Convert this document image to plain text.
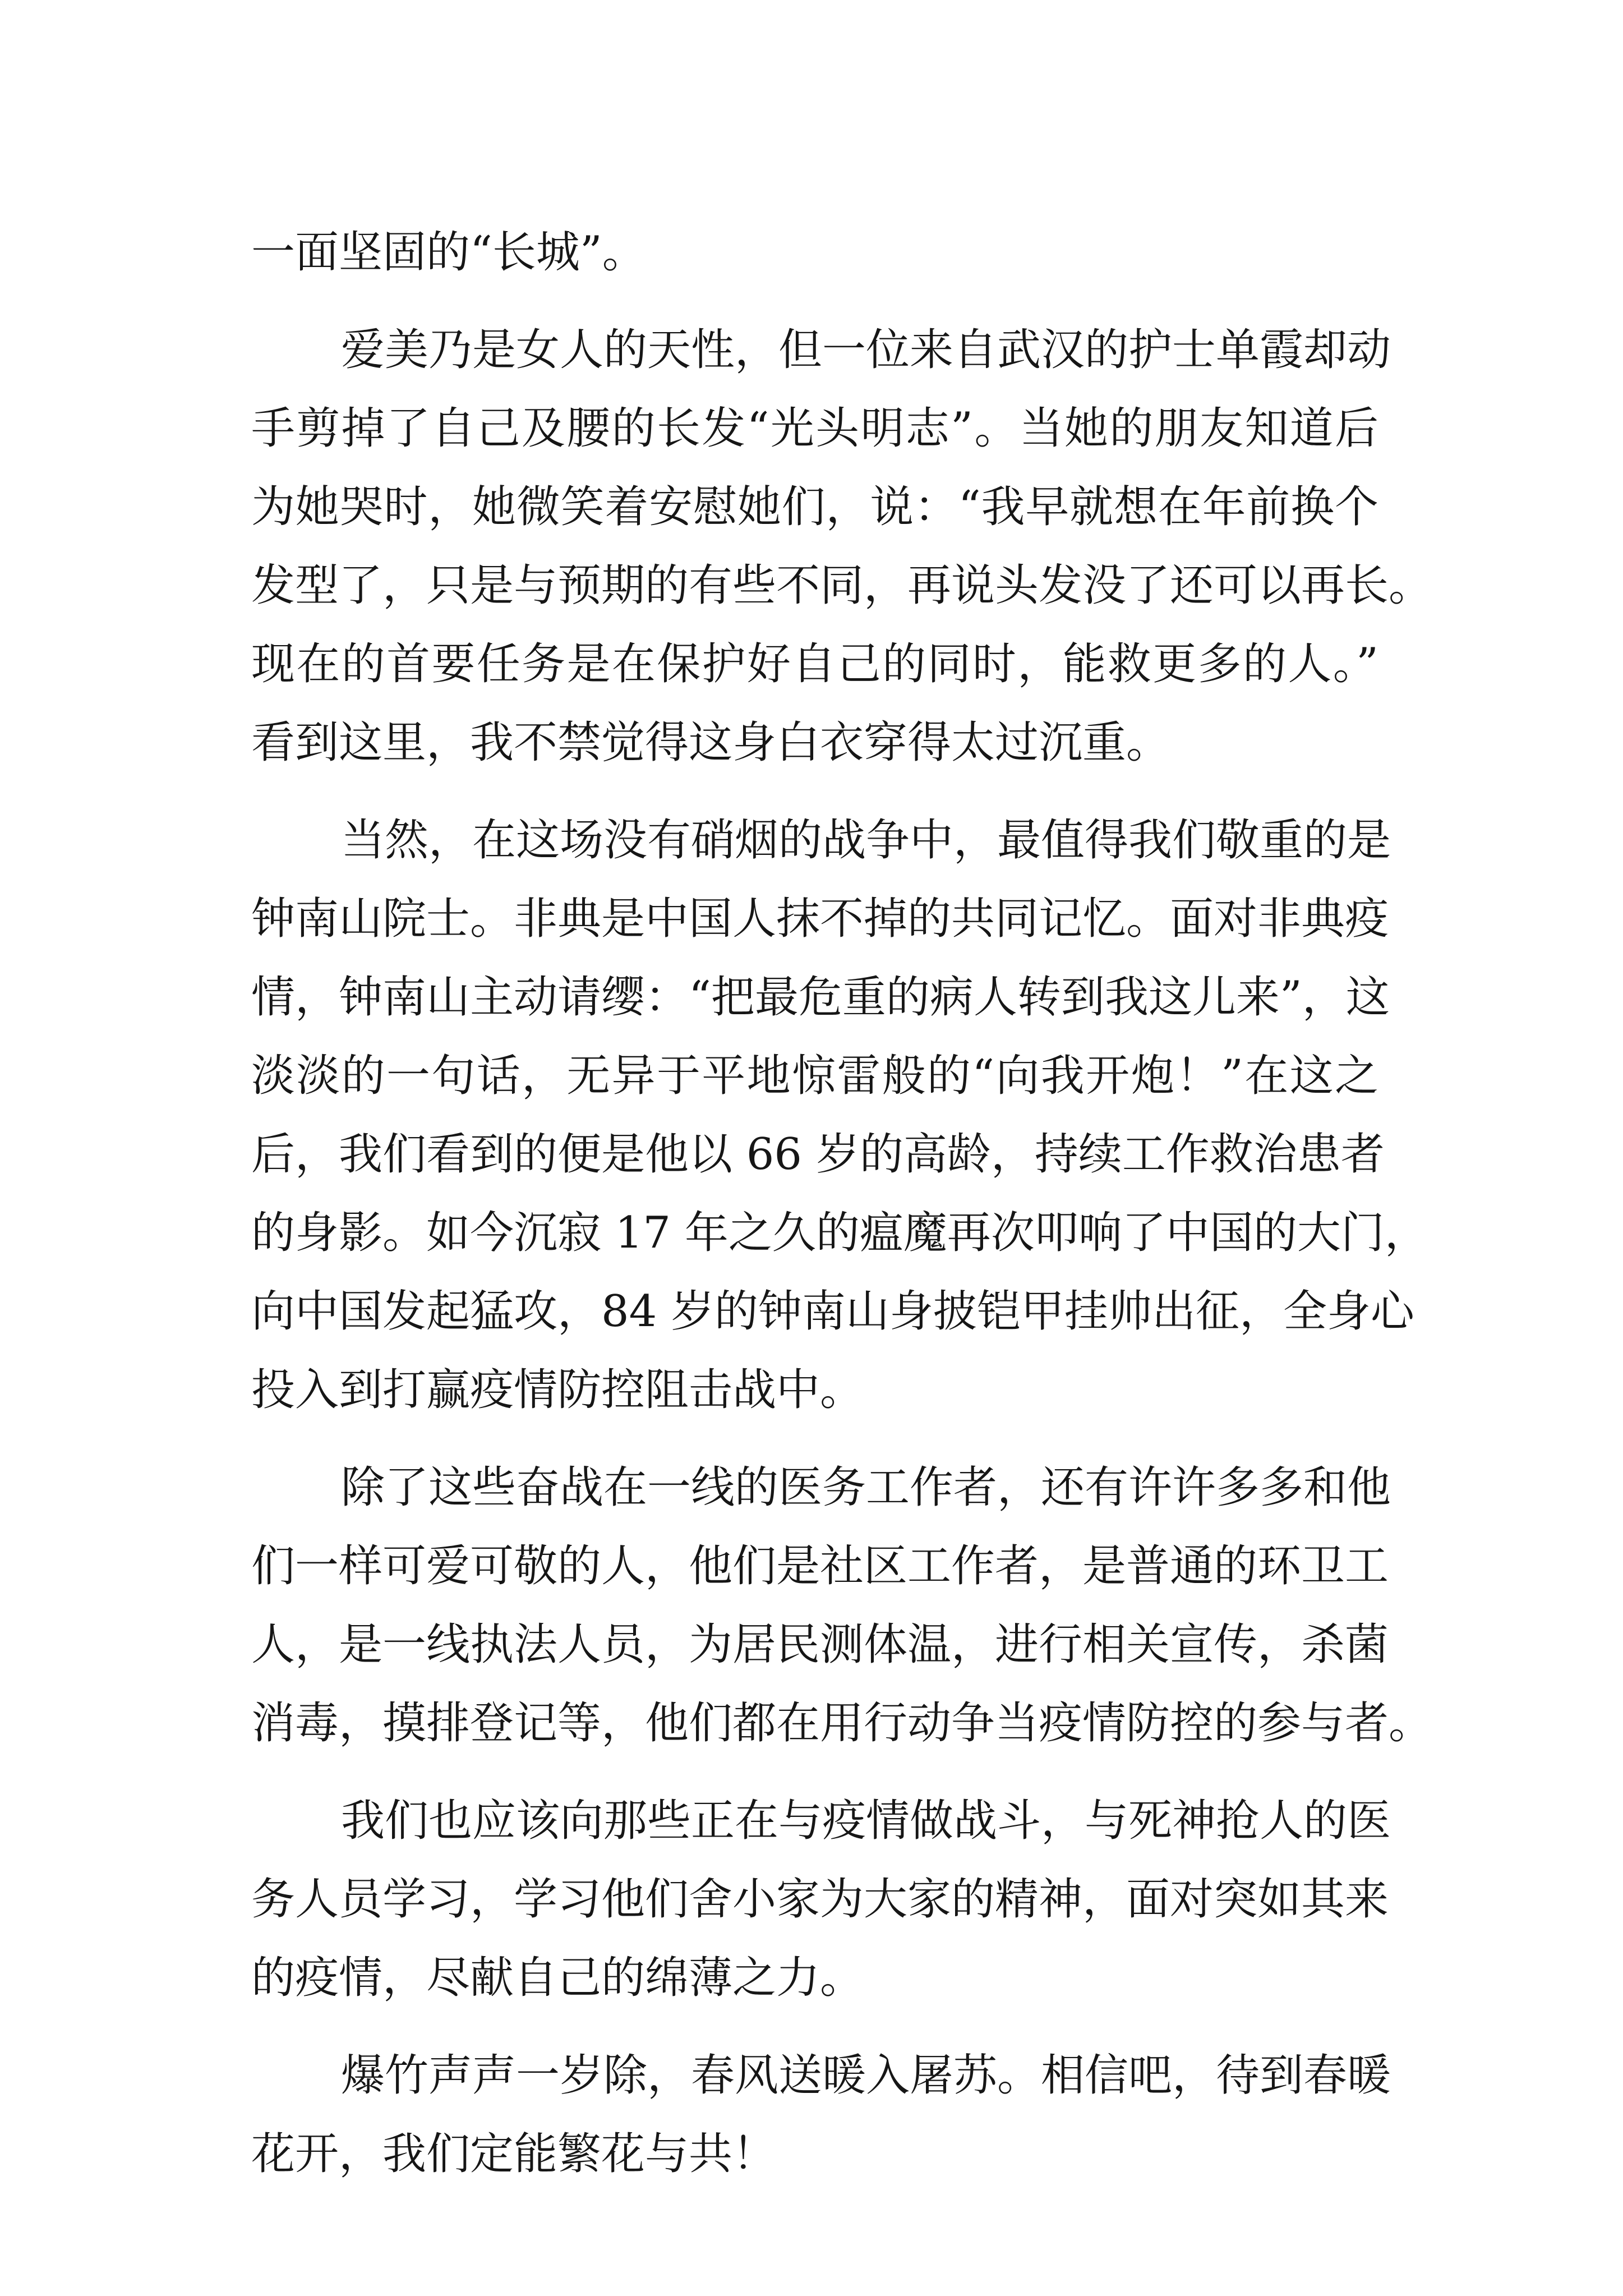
一面坚固的“长城”。
爱美乃是女人的天性，但一位来自武汉的护士单霞却动
手剪掉了自己及腰的长发“光头明志”。当她的朋友知道后
为她哭时，她微笑着安慰她们，说：“我早就想在年前换个
发型了，只是与预期的有些不同，再说头发没了还可以再长。
现在的首要任务是在保护好自己的同时，能救更多的人。”
看到这里，我不禁觉得这身白衣穿得太过沉重。
当然，在这场没有硝烟的战争中，最值得我们敬重的是
钟南山院士。非典是中国人抹不掉的共同记忆。面对非典疫
情，钟南山主动请缨：“把最危重的病人转到我这儿来”，这
淡淡的一句话，无异于平地惊雷般的“向我开炮！”在这之
后，我们看到的便是他以 66 岁的高龄，持续工作救治患者
的身影。如今沉寂 17 年之久的瘟魔再次叩响了中国的大门，
向中国发起猛攻，84 岁的钟南山身披铠甲挂帅出征，全身心
投入到打赢疫情防控阻击战中。
除了这些奋战在一线的医务工作者，还有许许多多和他
们一样可爱可敬的人，他们是社区工作者，是普通的环卫工
人，是一线执法人员，为居民测体温，进行相关宣传，杀菌
消毒，摸排登记等，他们都在用行动争当疫情防控的参与者。
我们也应该向那些正在与疫情做战斗，与死神抢人的医
务人员学习，学习他们舍小家为大家的精神，面对突如其来
的疫情，尽献自己的绵薄之力。
爆竹声声一岁除，春风送暖入屠苏。相信吧，待到春暖
花开，我们定能繁花与共！
